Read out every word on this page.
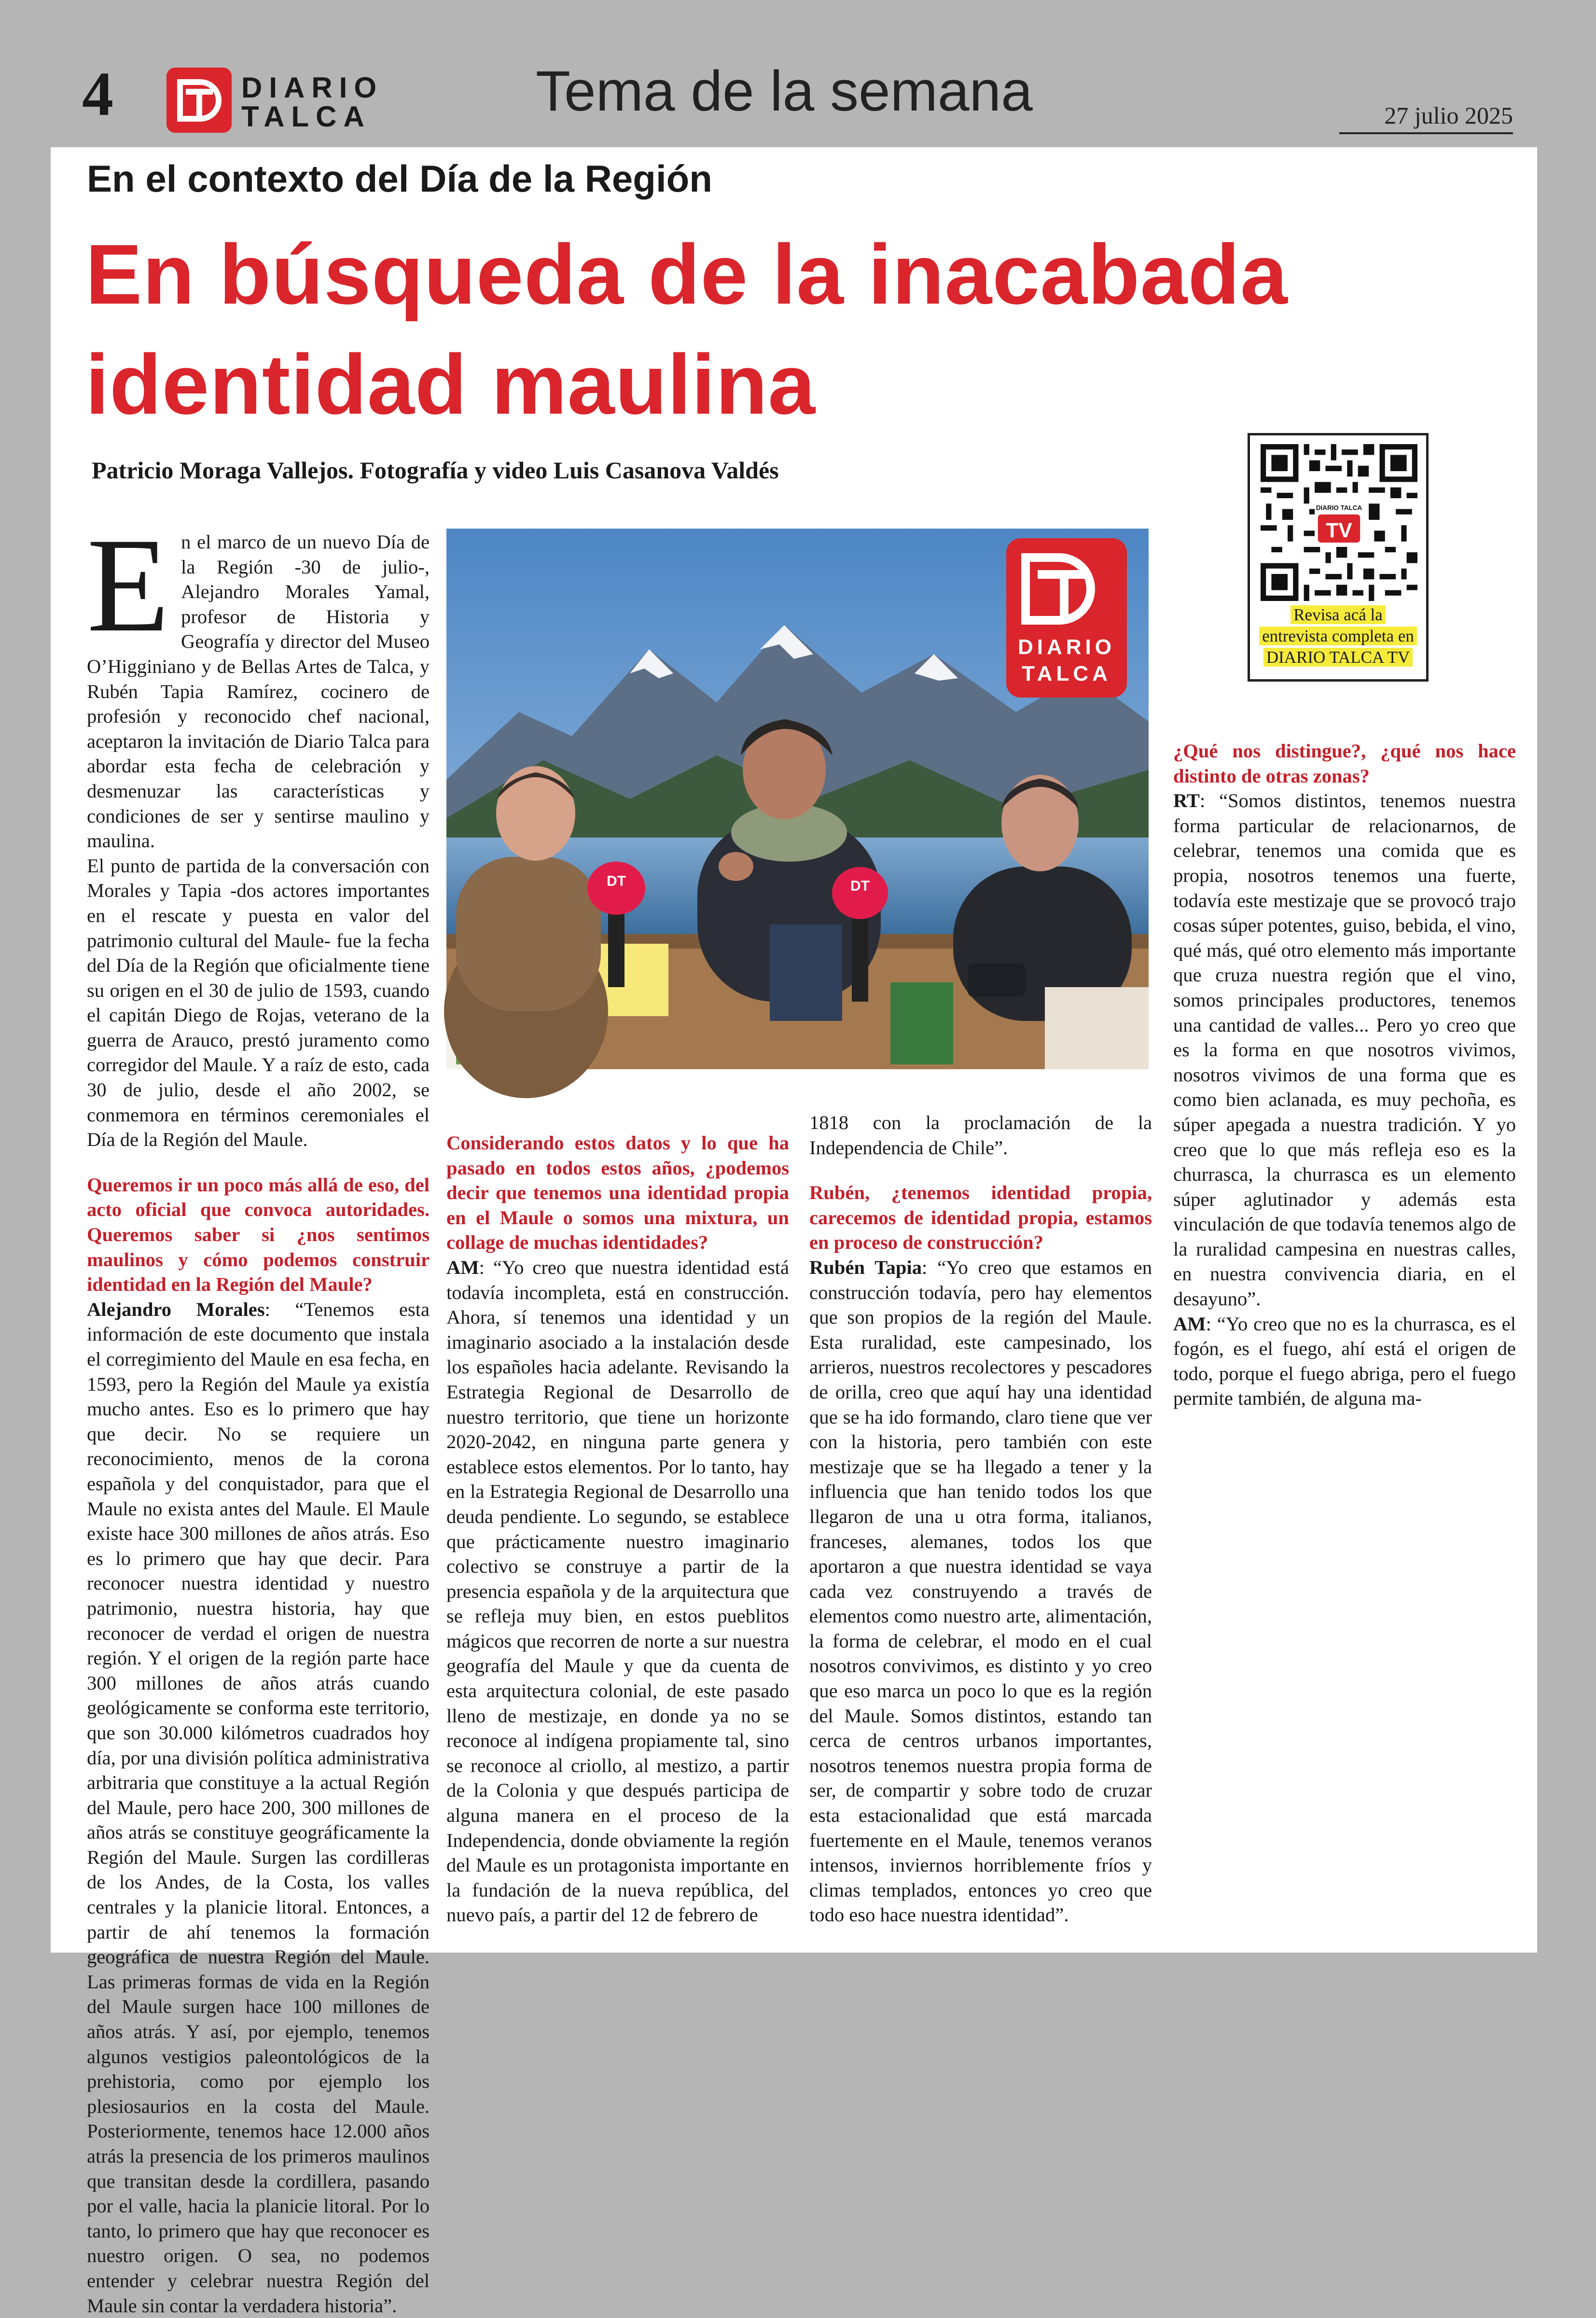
4	DIARIO
TALCA	Tema de la semana	27 julio 2025
En el contexto del Día de la Región
En búsqueda de la inacabada
identidad maulina
Patricio Moraga Vallejos. Fotografía y video Luis Casanova Valdés
DIARIO TALCA
TV
Revisa acá la
entrevista completa en
DIARIO TALCA TV
DIARIO
TALCA
DT	DT

En el marco de un nuevo Día de la Región -30 de julio-, Alejandro Morales Yamal, profesor de Historia y Geografía y director del Museo O’Higginiano y de Bellas Artes de Talca, y Rubén Tapia Ramírez, cocinero de profesión y reconocido chef nacional, aceptaron la invitación de Diario Talca para abordar esta fecha de celebración y desmenuzar las características y condiciones de ser y sentirse maulino y maulina.

El punto de partida de la conversación con Morales y Tapia -dos actores importantes en el rescate y puesta en valor del patrimonio cultural del Maule- fue la fecha del Día de la Región que oficialmente tiene su origen en el 30 de julio de 1593, cuando el capitán Diego de Rojas, veterano de la guerra de Arauco, prestó juramento como corregidor del Maule. Y a raíz de esto, cada 30 de julio, desde el año 2002, se conmemora en términos ceremoniales el Día de la Región del Maule.

Queremos ir un poco más allá de eso, del acto oficial que convoca autoridades. Queremos saber si ¿nos sentimos maulinos y cómo podemos construir identidad en la Región del Maule?

Alejandro Morales: “Tenemos esta información de este documento que instala el corregimiento del Maule en esa fecha, en 1593, pero la Región del Maule ya existía mucho antes. Eso es lo primero que hay que decir. No se requiere un reconocimiento, menos de la corona española y del conquistador, para que el Maule no exista antes del Maule. El Maule existe hace 300 millones de años atrás. Eso es lo primero que hay que decir. Para reconocer nuestra identidad y nuestro patrimonio, nuestra historia, hay que reconocer de verdad el origen de nuestra región. Y el origen de la región parte hace 300 millones de años atrás cuando geológicamente se conforma este territorio, que son 30.000 kilómetros cuadrados hoy día, por una división política administrativa arbitraria que constituye a la actual Región del Maule, pero hace 200, 300 millones de años atrás se constituye geográficamente la Región del Maule. Surgen las cordilleras de los Andes, de la Costa, los valles centrales y la planicie litoral. Entonces, a partir de ahí tenemos la formación geográfica de nuestra Región del Maule. Las primeras formas de vida en la Región del Maule surgen hace 100 millones de años atrás. Y así, por ejemplo, tenemos algunos vestigios paleontológicos de la prehistoria, como por ejemplo los plesiosaurios en la costa del Maule. Posteriormente, tenemos hace 12.000 años atrás la presencia de los primeros maulinos que transitan desde la cordillera, pasando por el valle, hacia la planicie litoral. Por lo tanto, lo primero que hay que reconocer es nuestro origen. O sea, no podemos entender y celebrar nuestra Región del Maule sin contar la verdadera historia”.

Considerando estos datos y lo que ha pasado en todos estos años, ¿podemos decir que tenemos una identidad propia en el Maule o somos una mixtura, un collage de muchas identidades?

AM: “Yo creo que nuestra identidad está todavía incompleta, está en construcción. Ahora, sí tenemos una identidad y un imaginario asociado a la instalación desde los españoles hacia adelante. Revisando la Estrategia Regional de Desarrollo de nuestro territorio, que tiene un horizonte 2020-2042, en ninguna parte genera y establece estos elementos. Por lo tanto, hay en la Estrategia Regional de Desarrollo una deuda pendiente. Lo segundo, se establece que prácticamente nuestro imaginario colectivo se construye a partir de la presencia española y de la arquitectura que se refleja muy bien, en estos pueblitos mágicos que recorren de norte a sur nuestra geografía del Maule y que da cuenta de esta arquitectura colonial, de este pasado lleno de mestizaje, en donde ya no se reconoce al indígena propiamente tal, sino se reconoce al criollo, al mestizo, a partir de la Colonia y que después participa de alguna manera en el proceso de la Independencia, donde obviamente la región del Maule es un protagonista importante en la fundación de la nueva república, del nuevo país, a partir del 12 de febrero de

1818 con la proclamación de la Independencia de Chile”.

Rubén, ¿tenemos identidad propia, carecemos de identidad propia, estamos en proceso de construcción?

Rubén Tapia: “Yo creo que estamos en construcción todavía, pero hay elementos que son propios de la región del Maule. Esta ruralidad, este campesinado, los arrieros, nuestros recolectores y pescadores de orilla, creo que aquí hay una identidad que se ha ido formando, claro tiene que ver con la historia, pero también con este mestizaje que se ha llegado a tener y la influencia que han tenido todos los que llegaron de una u otra forma, italianos, franceses, alemanes, todos los que aportaron a que nuestra identidad se vaya cada vez construyendo a través de elementos como nuestro arte, alimentación, la forma de celebrar, el modo en el cual nosotros convivimos, es distinto y yo creo que eso marca un poco lo que es la región del Maule. Somos distintos, estando tan cerca de centros urbanos importantes, nosotros tenemos nuestra propia forma de ser, de compartir y sobre todo de cruzar esta estacionalidad que está marcada fuertemente en el Maule, tenemos veranos intensos, inviernos horriblemente fríos y climas templados, entonces yo creo que todo eso hace nuestra identidad”.

¿Qué nos distingue?, ¿qué nos hace distinto de otras zonas?

RT: “Somos distintos, tenemos nuestra forma particular de relacionarnos, de celebrar, tenemos una comida que es propia, nosotros tenemos una fuerte, todavía este mestizaje que se provocó trajo cosas súper potentes, guiso, bebida, el vino, qué más, qué otro elemento más importante que cruza nuestra región que el vino, somos principales productores, tenemos una cantidad de valles... Pero yo creo que es la forma en que nosotros vivimos, nosotros vivimos de una forma que es como bien aclanada, es muy pechoña, es súper apegada a nuestra tradición. Y yo creo que lo que más refleja eso es la churrasca, la churrasca es un elemento súper aglutinador y además esta vinculación de que todavía tenemos algo de la ruralidad campesina en nuestras calles, en nuestra convivencia diaria, en el desayuno”.

AM: “Yo creo que no es la churrasca, es el fogón, es el fuego, ahí está el origen de todo, porque el fuego abriga, pero el fuego permite también, de alguna ma-
